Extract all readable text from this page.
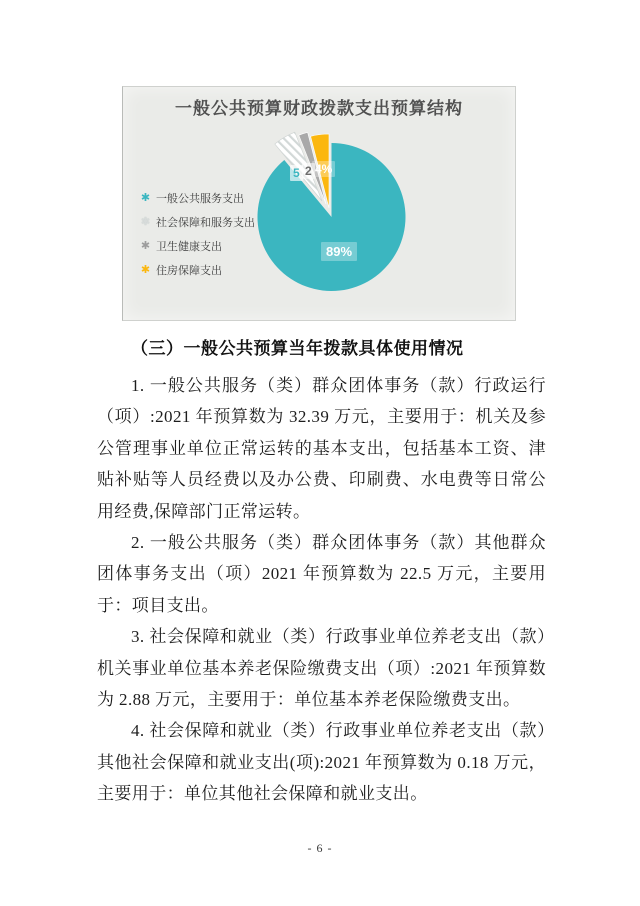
一般公共预算财政拨款支出预算结构
89%
5 2 4%
✱ 一般公共服务支出
✱ 社会保障和服务支出
✱ 卫生健康支出
✱ 住房保障支出
（三）一般公共预算当年拨款具体使用情况

1. 一般公共服务（类）群众团体事务（款）行政运行（项）:2021 年预算数为 32.39 万元，主要用于：机关及参公管理事业单位正常运转的基本支出，包括基本工资、津贴补贴等人员经费以及办公费、印刷费、水电费等日常公用经费,保障部门正常运转。

2. 一般公共服务（类）群众团体事务（款）其他群众团体事务支出（项）2021 年预算数为 22.5 万元，主要用于：项目支出。

3. 社会保障和就业（类）行政事业单位养老支出（款）机关事业单位基本养老保险缴费支出（项）:2021 年预算数为 2.88 万元，主要用于：单位基本养老保险缴费支出。

4. 社会保障和就业（类）行政事业单位养老支出（款）其他社会保障和就业支出(项):2021 年预算数为 0.18 万元，主要用于：单位其他社会保障和就业支出。

- 6 -
